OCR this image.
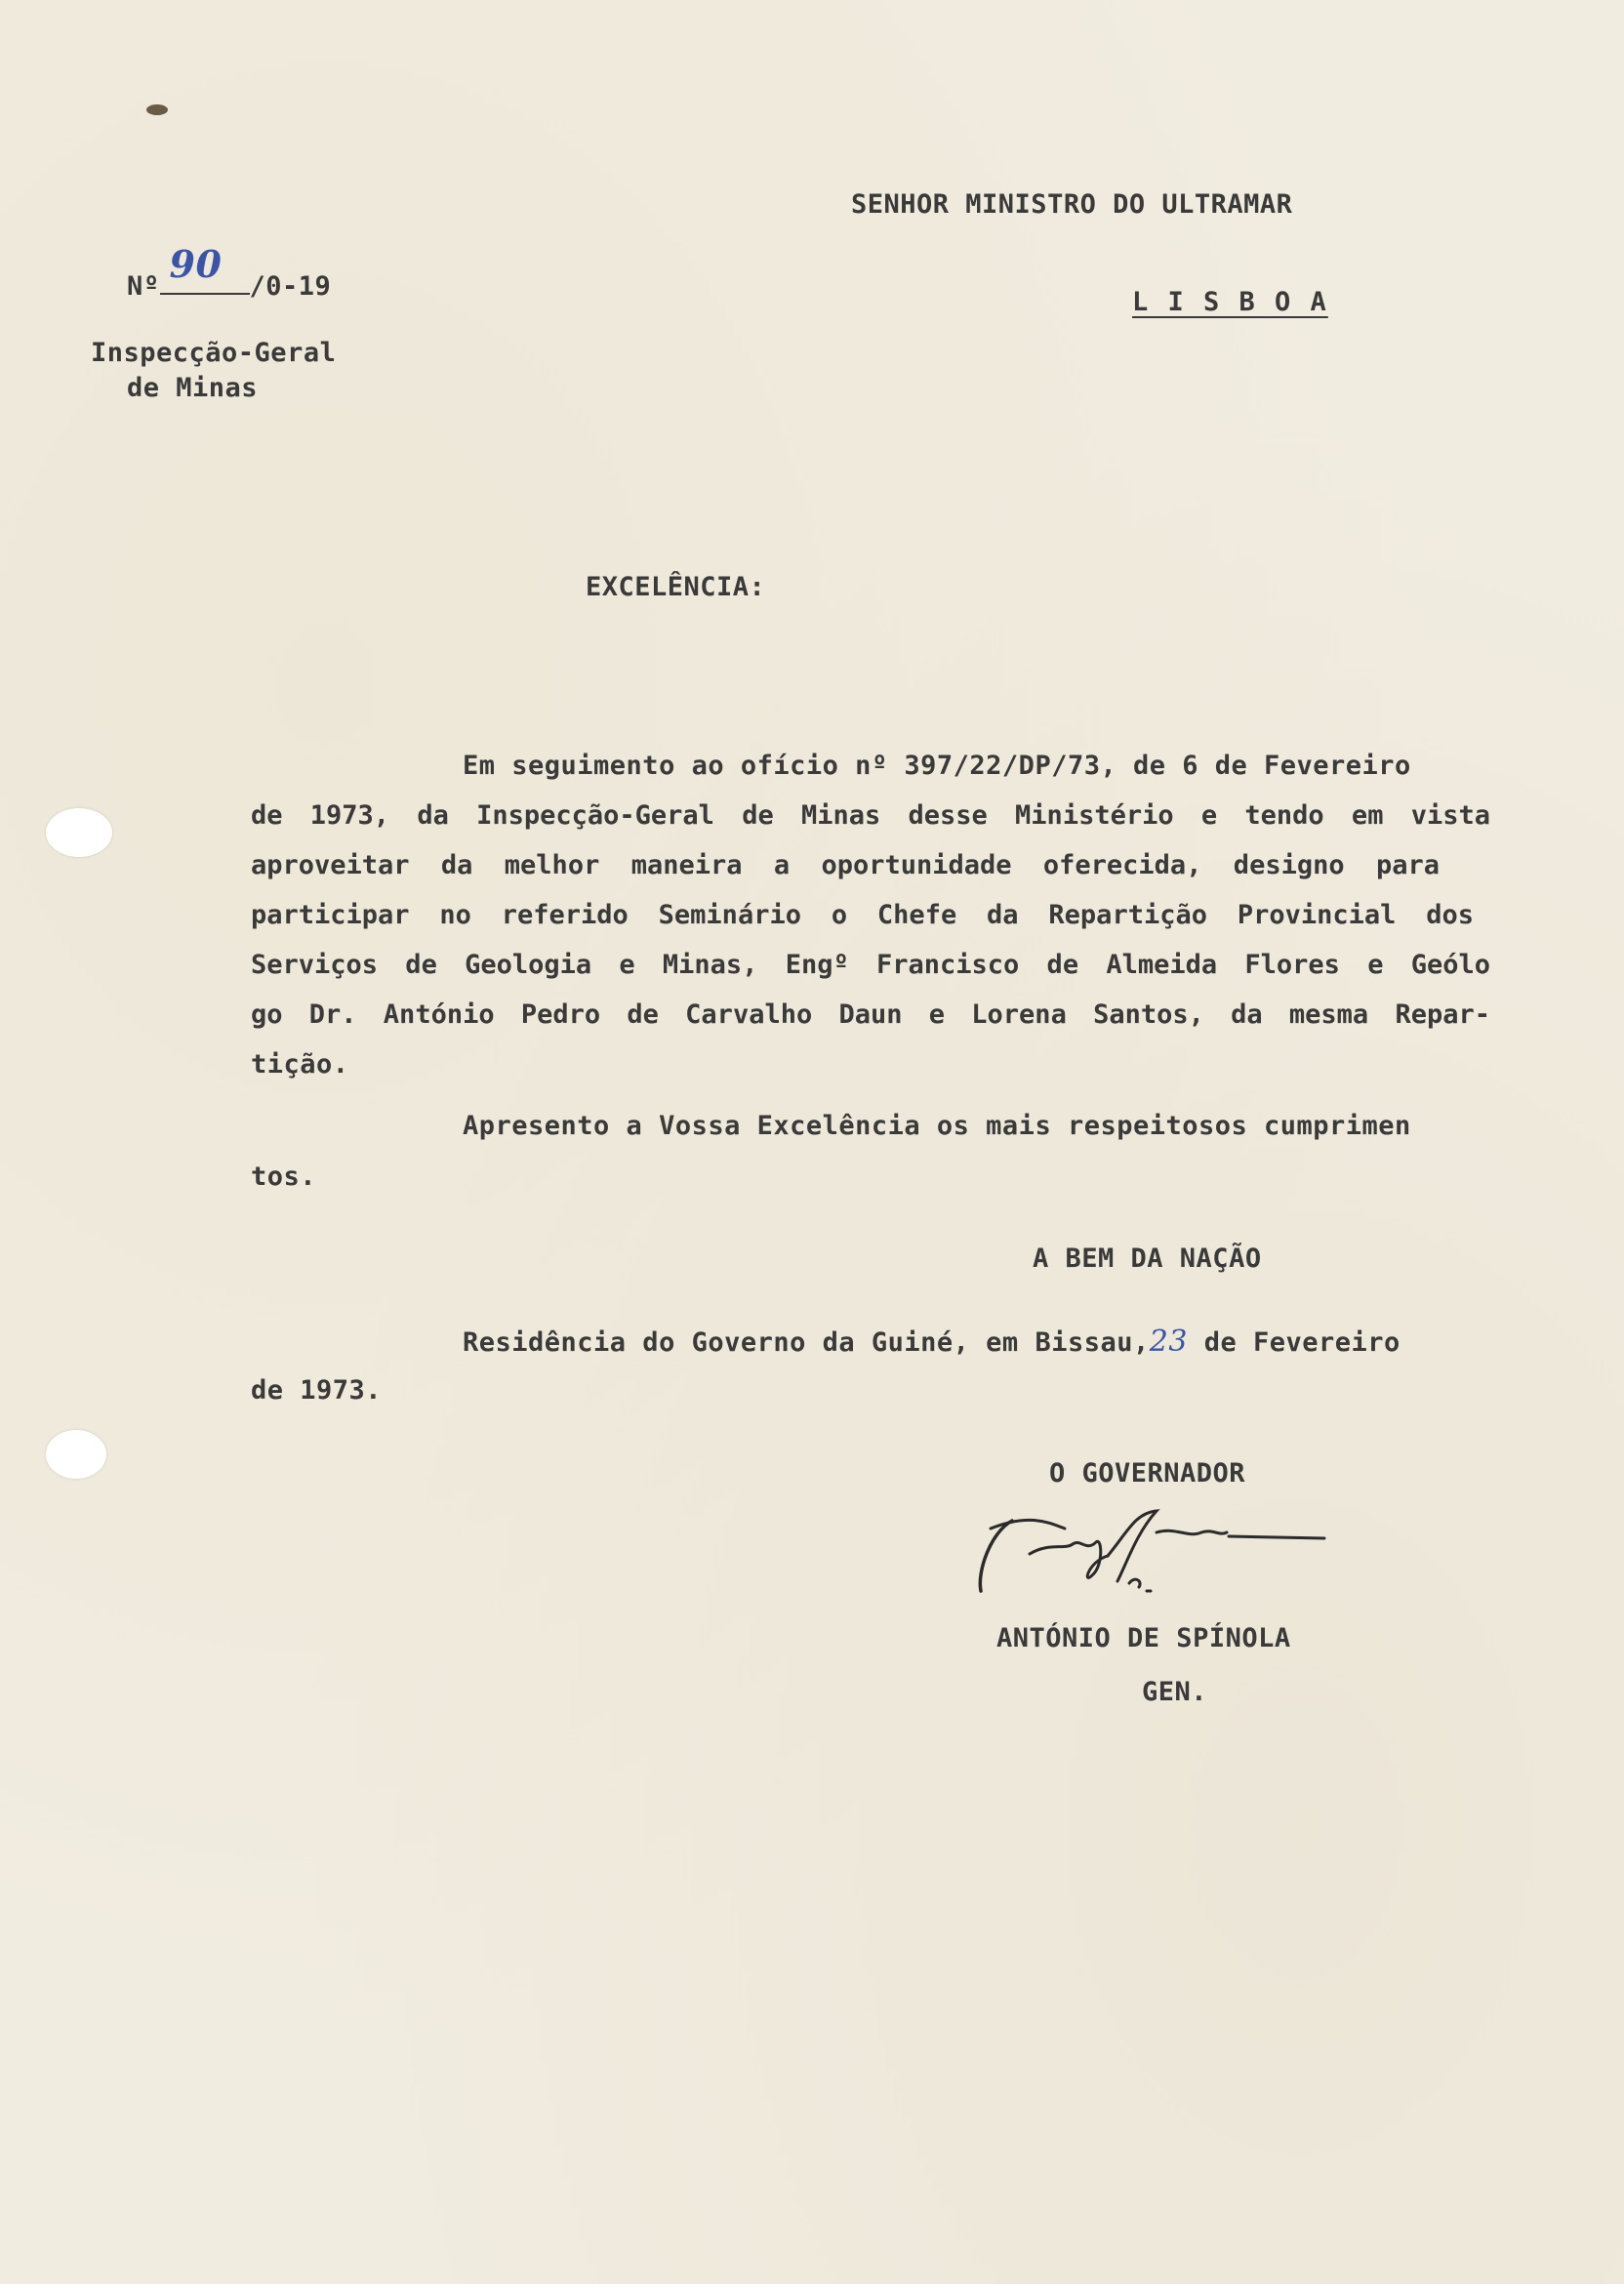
SENHOR MINISTRO DO ULTRAMAR
L I S B O A
Nº
90
/0-19
Inspecção-Geral
de Minas
EXCELÊNCIA:
Em seguimento ao ofício nº 397/22/DP/73, de 6 de Fevereiro
de 1973, da Inspecção-Geral de Minas desse Ministério e tendo em vista
aproveitar da melhor maneira a oportunidade oferecida, designo para
participar no referido Seminário o Chefe da Repartição Provincial dos
Serviços de Geologia e Minas, Engº Francisco de Almeida Flores e Geólo
go Dr. António Pedro de Carvalho Daun e Lorena Santos, da mesma Repar-
tição.
Apresento a Vossa Excelência os mais respeitosos cumprimen
tos.
A BEM DA NAÇÃO
Residência do Governo da Guiné, em Bissau,23 de Fevereiro
de 1973.
O GOVERNADOR
ANTÓNIO DE SPÍNOLA
GEN.
